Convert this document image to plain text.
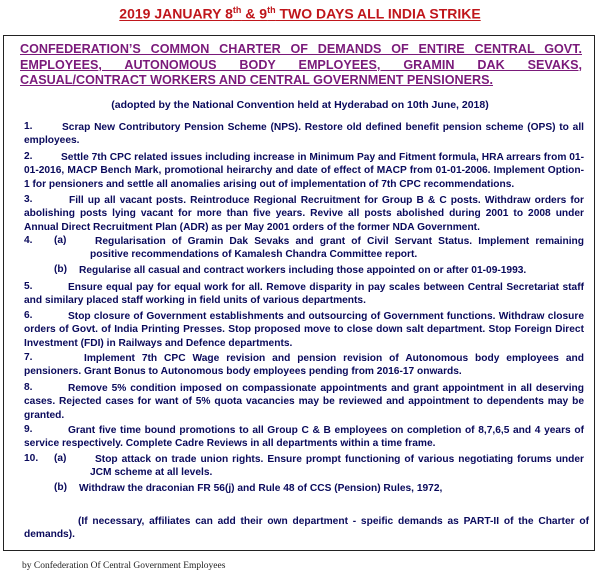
2019 JANUARY 8th & 9th TWO DAYS ALL INDIA STRIKE
CONFEDERATION’S COMMON CHARTER OF DEMANDS OF ENTIRE CENTRAL GOVT. EMPLOYEES, AUTONOMOUS BODY EMPLOYEES, GRAMIN DAK SEVAKS, CASUAL/CONTRACT WORKERS AND CENTRAL GOVERNMENT PENSIONERS.
(adopted by the National Convention held at Hyderabad on 10th June, 2018)
1.	Scrap New Contributory Pension Scheme (NPS). Restore old defined benefit pension scheme (OPS) to all employees.
2.	Settle 7th CPC related issues including increase in Minimum Pay and Fitment formula, HRA arrears from 01-01-2016, MACP Bench Mark, promotional heirarchy and date of effect of MACP from 01-01-2006. Implement Option-1 for pensioners and settle all anomalies arising out of implementation of 7th CPC recommendations.
3.	Fill up all vacant posts. Reintroduce Regional Recruitment for Group B & C posts. Withdraw orders for abolishing posts lying vacant for more than five years. Revive all posts abolished during 2001 to 2008 under Annual Direct Recruitment Plan (ADR) as per May 2001 orders of the former NDA Government.
4. (a)	Regularisation of Gramin Dak Sevaks and grant of Civil Servant Status. Implement remaining positive recommendations of Kamalesh Chandra Committee report.
(b) Regularise all casual and contract workers including those appointed on or after 01-09-1993.
5.	Ensure equal pay for equal work for all. Remove disparity in pay scales between Central Secretariat staff and similary placed staff working in field units of various departments.
6.	Stop closure of Government establishments and outsourcing of Government functions. Withdraw closure orders of Govt. of India Printing Presses. Stop proposed move to close down salt department. Stop Foreign Direct Investment (FDI) in Railways and Defence departments.
7.	Implement 7th CPC Wage revision and pension revision of Autonomous body employees and pensioners. Grant Bonus to Autonomous body employees pending from 2016-17 onwards.
8.	Remove 5% condition imposed on compassionate appointments and grant appointment in all deserving cases. Rejected cases for want of 5% quota vacancies may be reviewed and appointment to dependents may be granted.
9.	Grant five time bound promotions to all Group C & B employees on completion of 8,7,6,5 and 4 years of service respectively. Complete Cadre Reviews in all departments within a time frame.
10. (a)	Stop attack on trade union rights. Ensure prompt functioning of various negotiating forums under JCM scheme at all levels.
(b) Withdraw the draconian FR 56(j) and Rule 48 of CCS (Pension) Rules, 1972,
(If necessary, affiliates can add their own department - speific demands as PART-II of the Charter of demands).
by Confederation Of Central Government Employees
